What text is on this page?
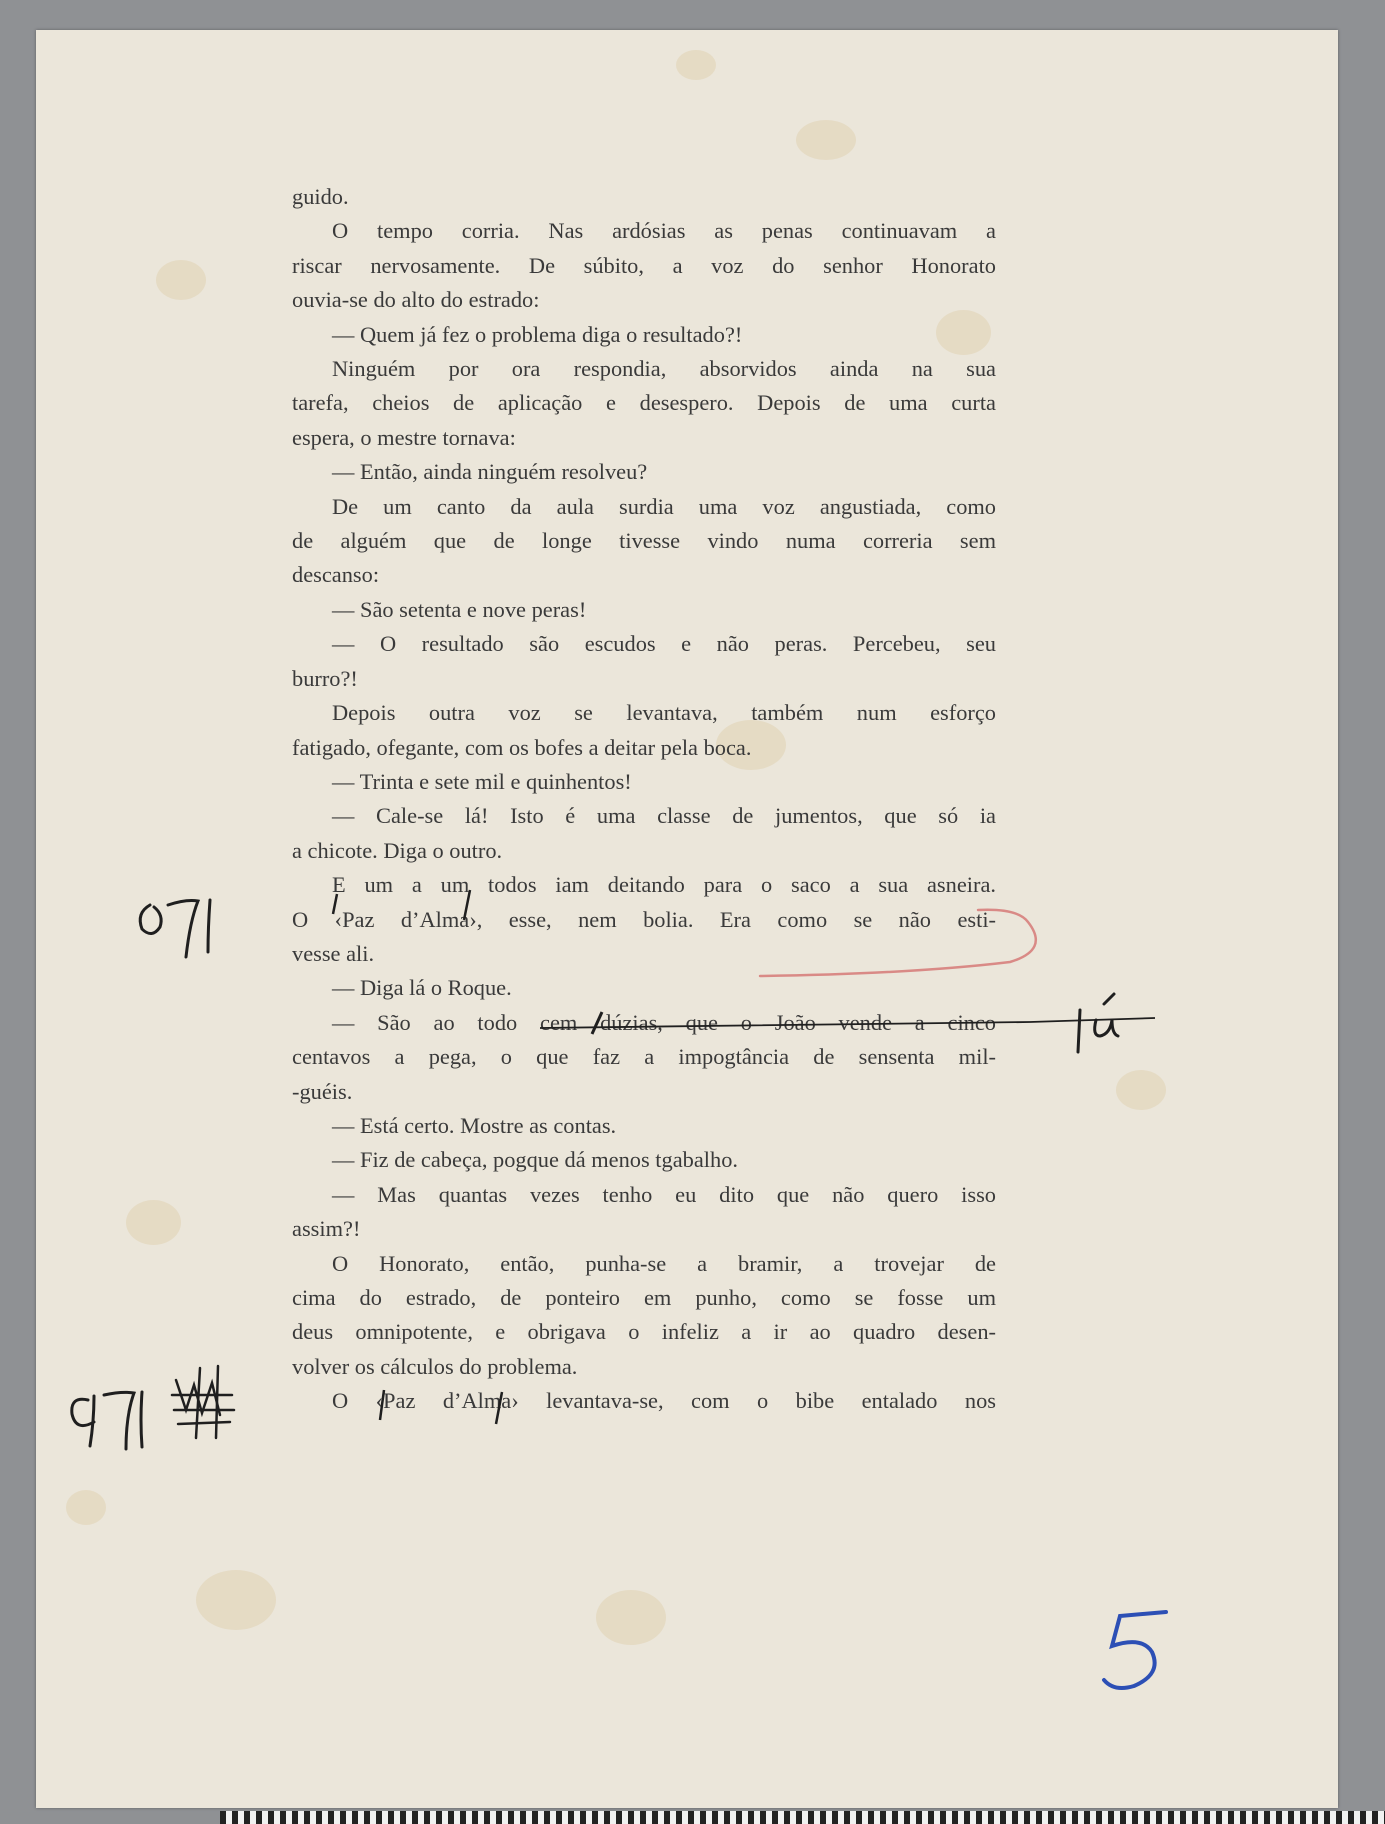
guido.
O tempo corria. Nas ardósias as penas continuavam a
riscar nervosamente. De súbito, a voz do senhor Honorato
ouvia-se do alto do estrado:
— Quem já fez o problema diga o resultado?!
Ninguém por ora respondia, absorvidos ainda na sua
tarefa, cheios de aplicação e desespero. Depois de uma curta
espera, o mestre tornava:
— Então, ainda ninguém resolveu?
De um canto da aula surdia uma voz angustiada, como
de alguém que de longe tivesse vindo numa correria sem
descanso:
— São setenta e nove peras!
— O resultado são escudos e não peras. Percebeu, seu
burro?!
Depois outra voz se levantava, também num esforço
fatigado, ofegante, com os bofes a deitar pela boca.
— Trinta e sete mil e quinhentos!
— Cale-se lá! Isto é uma classe de jumentos, que só ia
a chicote. Diga o outro.
E um a um todos iam deitando para o saco a sua asneira.
O ‹Paz d’Alma›, esse, nem bolia. Era como se não esti-
vesse ali.
— Diga lá o Roque.
— São ao todo cem dúzias, que o João vende a cinco
centavos a pega, o que faz a impogtância de sensenta mil-
-guéis.
— Está certo. Mostre as contas.
— Fiz de cabeça, pogque dá menos tgabalho.
— Mas quantas vezes tenho eu dito que não quero isso
assim?!
O Honorato, então, punha-se a bramir, a trovejar de
cima do estrado, de ponteiro em punho, como se fosse um
deus omnipotente, e obrigava o infeliz a ir ao quadro desen-
volver os cálculos do problema.
O ‹Paz d’Alma› levantava-se, com o bibe entalado nos
